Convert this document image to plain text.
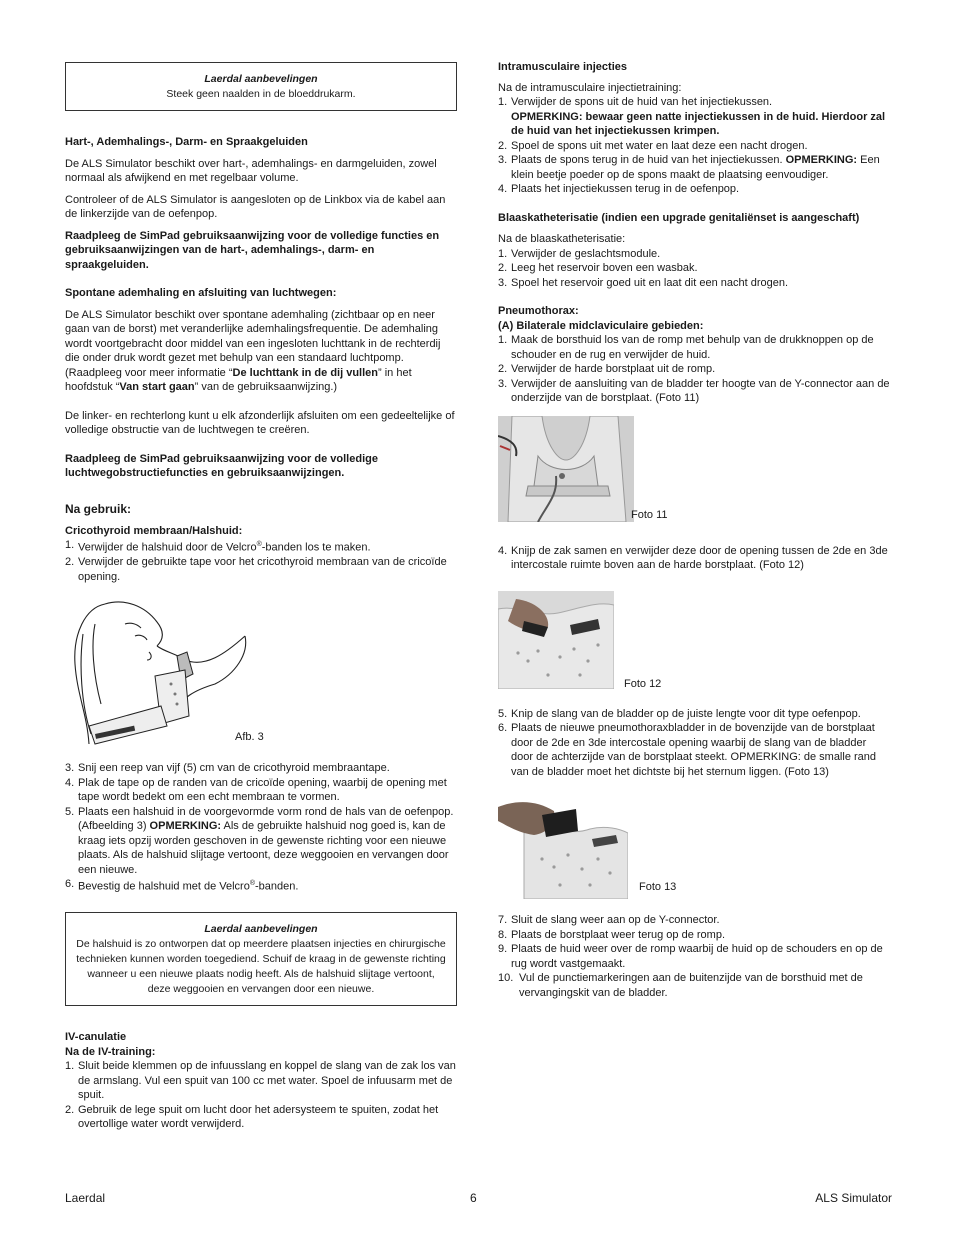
Laerdal aanbevelingen
Steek geen naalden in de bloeddrukarm.
Hart-, Ademhalings-, Darm- en Spraakgeluiden

De ALS Simulator beschikt over hart-, ademhalings- en darmgeluiden, zowel normaal als afwijkend en met regelbaar volume.

Controleer of de ALS Simulator is aangesloten op de Linkbox via de kabel aan de linkerzijde van de oefenpop.

Raadpleeg de SimPad gebruiksaanwijzing voor de volledige functies en gebruiksaanwijzingen van de hart-, ademhalings-, darm- en spraakgeluiden.

Spontane ademhaling en afsluiting van luchtwegen:

De ALS Simulator beschikt over spontane ademhaling (zichtbaar op en neer gaan van de borst) met veranderlijke ademhalingsfrequentie. De ademhaling wordt voortgebracht door middel van een ingesloten luchttank in de rechterdij die onder druk wordt gezet met behulp van een standaard luchtpomp. (Raadpleeg voor meer informatie “De luchttank in de dij vullen” in het hoofdstuk “Van start gaan” van de gebruiksaanwijzing.)

De linker- en rechterlong kunt u elk afzonderlijk afsluiten om een gedeeltelijke of volledige obstructie van de luchtwegen te creëren.

Raadpleeg de SimPad gebruiksaanwijzing voor de volledige luchtwegobstructiefuncties en gebruiksaanwijzingen.

Na gebruik:
Cricothyroid membraan/Halshuid:
1. Verwijder de halshuid door de Velcro®-banden los te maken.
2. Verwijder de gebruikte tape voor het cricothyroid membraan van de cricoïde opening.
Afb. 3
3. Snij een reep van vijf (5) cm van de cricothyroid membraantape.
4. Plak de tape op de randen van de cricoïde opening, waarbij de opening met tape wordt bedekt om een echt membraan te vormen.
5. Plaats een halshuid in de voorgevormde vorm rond de hals van de oefenpop. (Afbeelding 3) OPMERKING: Als de gebruikte halshuid nog goed is, kan de kraag iets opzij worden geschoven in de gewenste richting voor een nieuwe plaats. Als de halshuid slijtage vertoont, deze weggooien en vervangen door een nieuwe.
6. Bevestig de halshuid met de Velcro®-banden.
Laerdal aanbevelingen
De halshuid is zo ontworpen dat op meerdere plaatsen injecties en chirurgische technieken kunnen worden toegediend. Schuif de kraag in de gewenste richting wanneer u een nieuwe plaats nodig heeft. Als de halshuid slijtage vertoont, deze weggooien en vervangen door een nieuwe.
IV-canulatie
Na de IV-training:
1. Sluit beide klemmen op de infuusslang en koppel de slang van de zak los van de armslang. Vul een spuit van 100 cc met water. Spoel de infuusarm met de spuit.
2. Gebruik de lege spuit om lucht door het adersysteem te spuiten, zodat het overtollige water wordt verwijderd.
Intramusculaire injecties

Na de intramusculaire injectietraining:

1. Verwijder de spons uit de huid van het injectiekussen.
OPMERKING: bewaar geen natte injectiekussen in de huid. Hierdoor zal de huid van het injectiekussen krimpen.
2. Spoel de spons uit met water en laat deze een nacht drogen.
3. Plaats de spons terug in de huid van het injectiekussen. OPMERKING: Een klein beetje poeder op de spons maakt de plaatsing eenvoudiger.
4. Plaats het injectiekussen terug in de oefenpop.
Blaaskatheterisatie (indien een upgrade genitaliënset is aangeschaft)

Na de blaaskatheterisatie:

1. Verwijder de geslachtsmodule.
2. Leeg het reservoir boven een wasbak.
3. Spoel het reservoir goed uit en laat dit een nacht drogen.
Pneumothorax:
(A) Bilaterale midclaviculaire gebieden:
1. Maak de borsthuid los van de romp met behulp van de drukknoppen op de schouder en de rug en verwijder de huid.
2. Verwijder de harde borstplaat uit de romp.
3. Verwijder de aansluiting van de bladder ter hoogte van de Y-connector aan de onderzijde van de borstplaat. (Foto 11)
Foto 11
4. Knijp de zak samen en verwijder deze door de opening tussen de 2de en 3de intercostale ruimte boven aan de harde borstplaat. (Foto 12)
Foto 12
5. Knip de slang van de bladder op de juiste lengte voor dit type oefenpop.
6. Plaats de nieuwe pneumothoraxbladder in de bovenzijde van de borstplaat door de 2de en 3de intercostale opening waarbij de slang van de bladder door de achterzijde van de borstplaat steekt. OPMERKING: de smalle rand van de bladder moet het dichtste bij het sternum liggen. (Foto 13)
Foto 13
7. Sluit de slang weer aan op de Y-connector.
8. Plaats de borstplaat weer terug op de romp.
9. Plaats de huid weer over de romp waarbij de huid op de schouders en op de rug wordt vastgemaakt.
10. Vul de punctiemarkeringen aan de buitenzijde van de borsthuid met de vervangingskit van de bladder.
Laerdal	6	ALS Simulator
